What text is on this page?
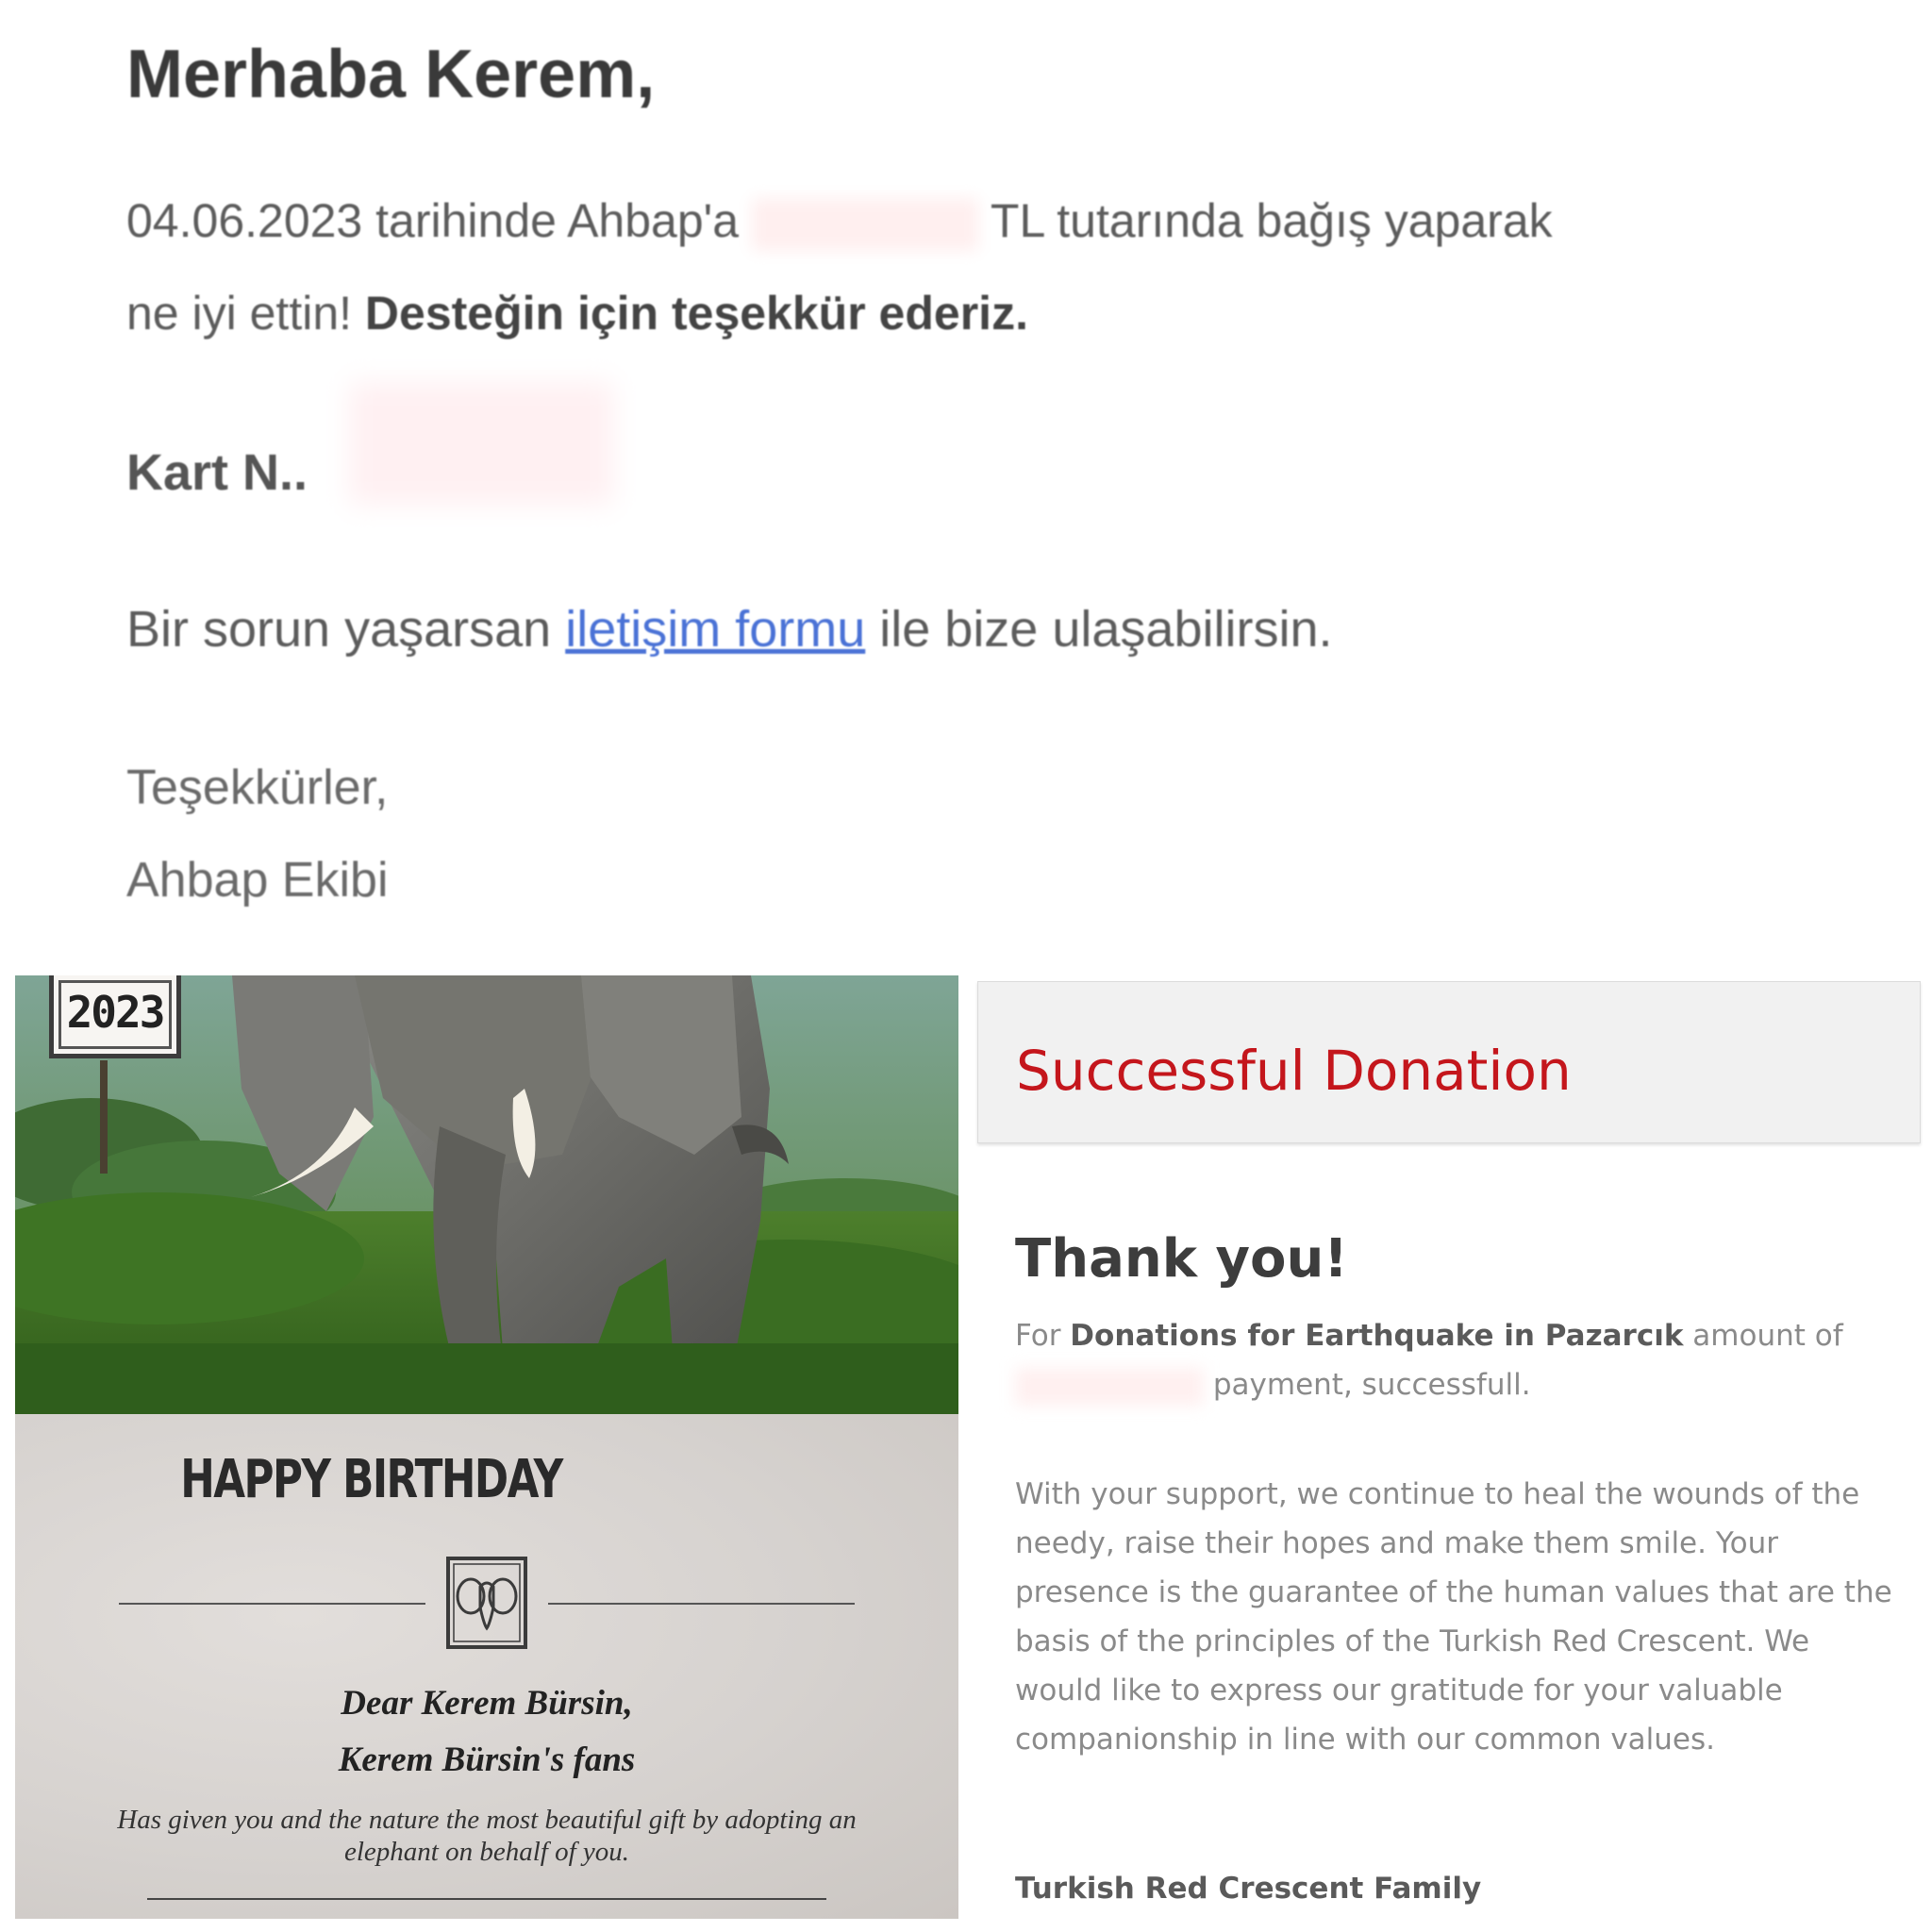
Merhaba Kerem,
04.06.2023 tarihinde Ahbap'a	TL tutarında bağış yaparak
ne iyi ettin! Desteğin için teşekkür ederiz.
Kart N..
Bir sorun yaşarsan iletişim formu ile bize ulaşabilirsin.
Teşekkürler,
Ahbap Ekibi
2023
HAPPY BIRTHDAY
Dear Kerem Bürsin,
Kerem Bürsin's fans
Has given you and the nature the most beautiful gift by adopting an elephant on behalf of you.
Successful Donation
Thank you!
For Donations for Earthquake in Pazarcık amount of
payment, successfull.
With your support, we continue to heal the wounds of the needy, raise their hopes and make them smile. Your presence is the guarantee of the human values that are the basis of the principles of the Turkish Red Crescent. We would like to express our gratitude for your valuable companionship in line with our common values.
Turkish Red Crescent Family
